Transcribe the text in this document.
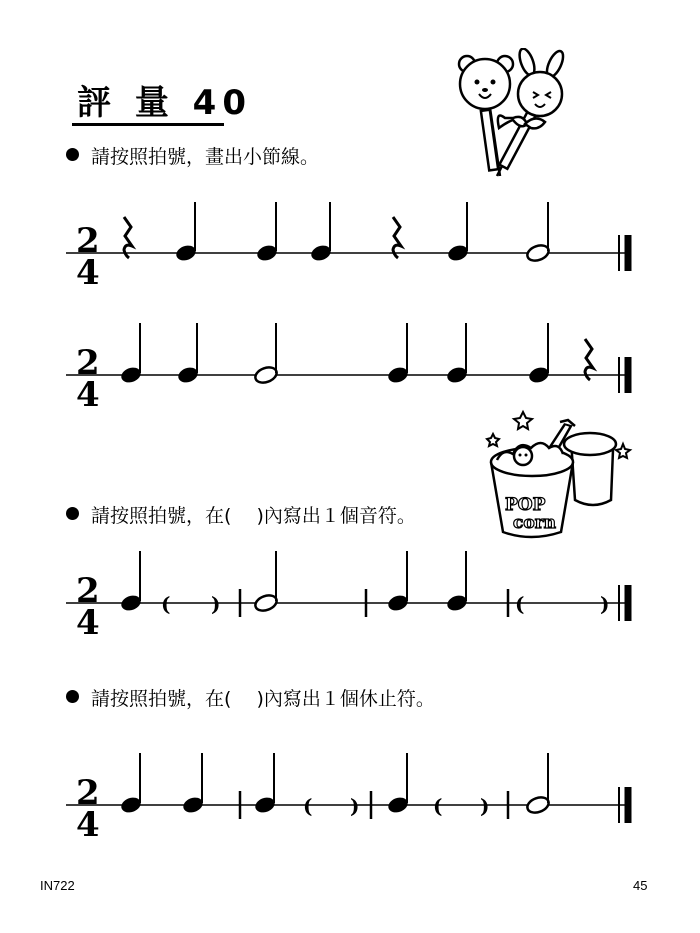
評 量 40
請按照拍號，畫出小節線。
2
4
2
4
POP
corn
請按照拍號，在(　 )內寫出１個音符。
2
4	( )	(	)
請按照拍號，在(　 )內寫出１個休止符。
2
4	( )	( )
IN722	45
